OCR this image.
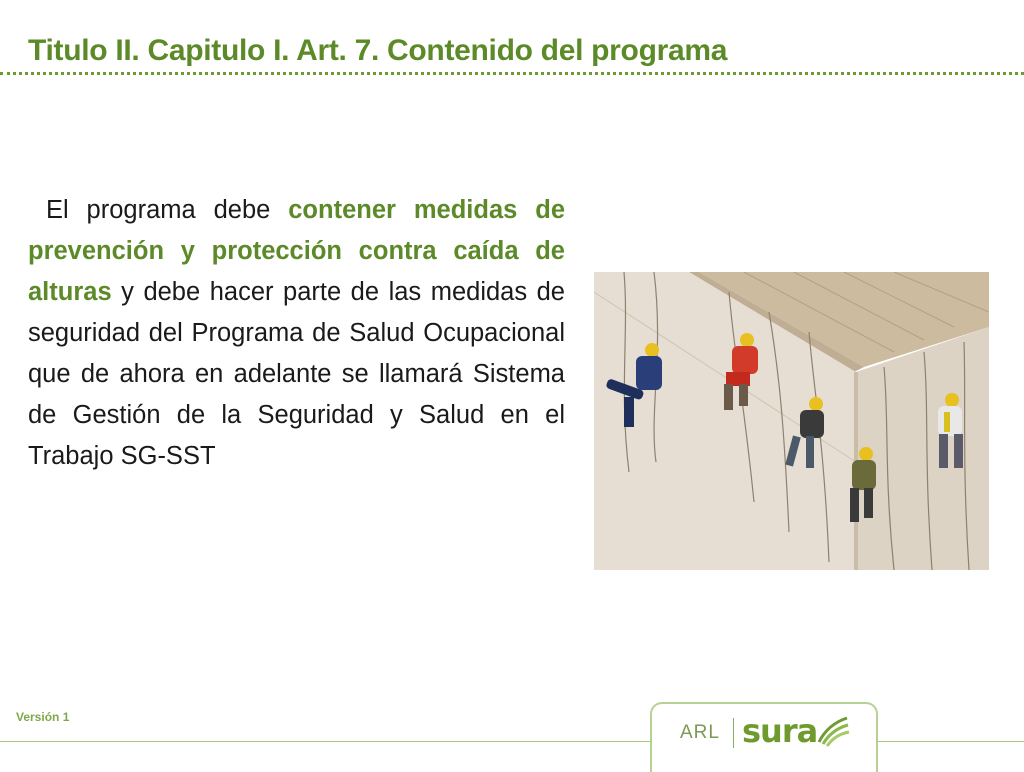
Titulo II. Capitulo I. Art. 7. Contenido del programa
El programa debe contener medidas de prevención y protección contra caída de alturas y debe hacer parte de las medidas de seguridad del Programa de Salud Ocupacional que de ahora en adelante se llamará Sistema de Gestión de la Seguridad y Salud en el Trabajo SG-SST
Versión 1
ARL sura
